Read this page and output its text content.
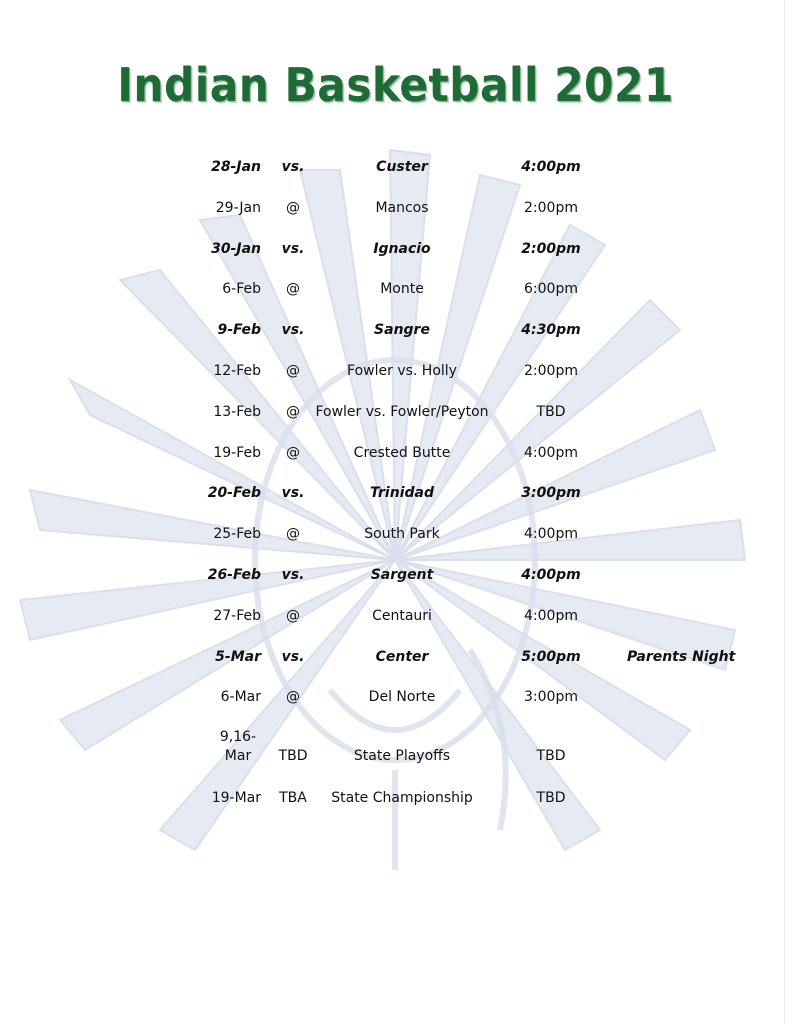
Indian Basketball 2021
28-Jan vs.	Custer	4:00pm
29-Jan @	Mancos	2:00pm
30-Jan vs.	Ignacio	2:00pm
6-Feb @	Monte	6:00pm
9-Feb vs.	Sangre	4:30pm
12-Feb @	Fowler vs. Holly	2:00pm
13-Feb @ Fowler vs. Fowler/Peyton	TBD
19-Feb @	Crested Butte	4:00pm
20-Feb vs.	Trinidad	3:00pm
25-Feb @	South Park	4:00pm
26-Feb vs.	Sargent	4:00pm
27-Feb @	Centauri	4:00pm
5-Mar vs.	Center	5:00pm	Parents Night
6-Mar @	Del Norte	3:00pm
9,16-
Mar	TBD	State Playoffs	TBD
19-Mar TBA State Championship	TBD
